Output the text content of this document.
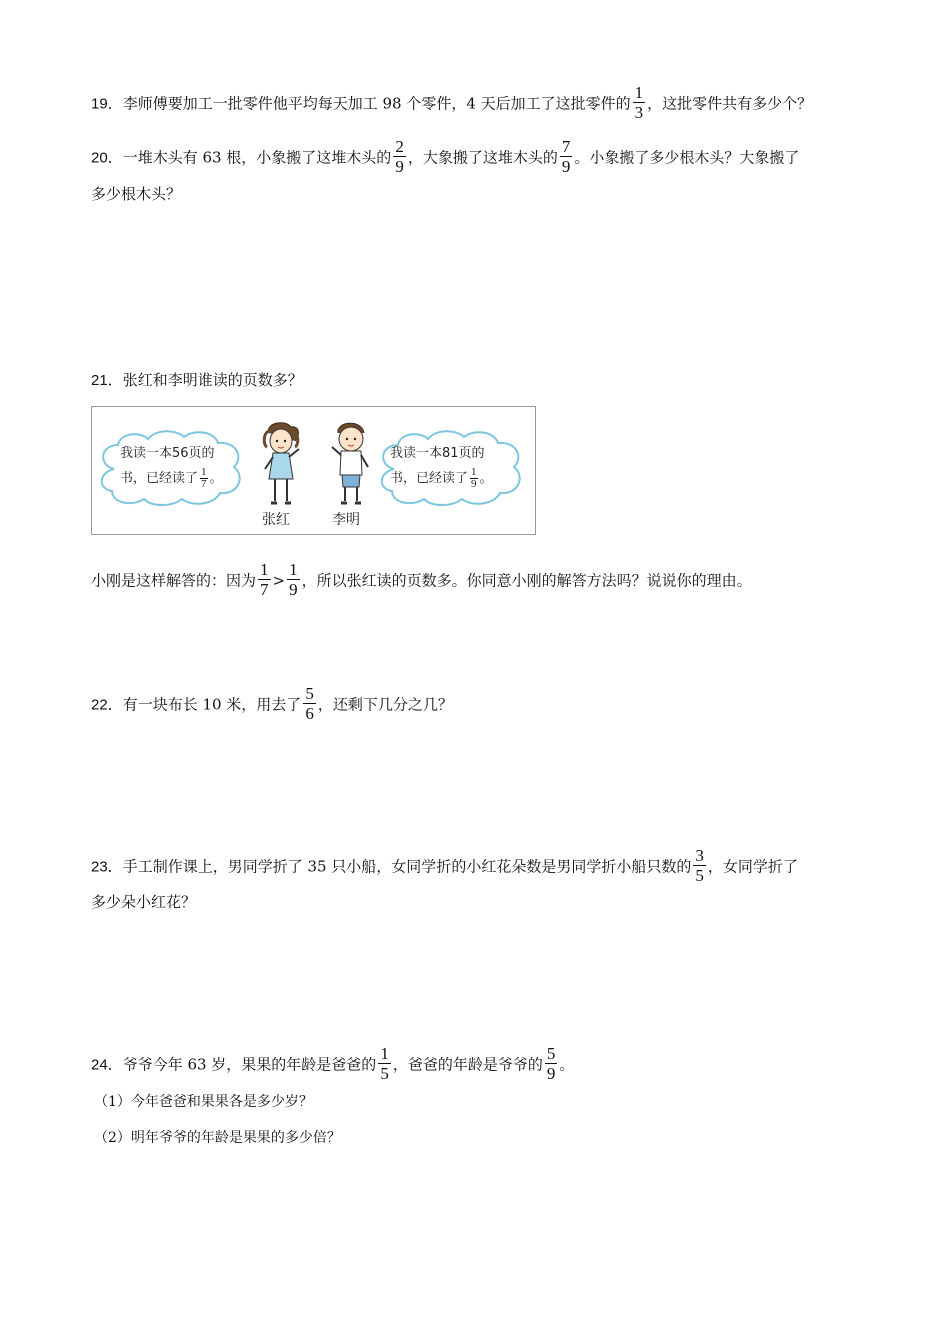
19．李师傅要加工一批零件他平均每天加工 98 个零件，4 天后加工了这批零件的 $\frac{1}{3}$ ，这批零件共有多少个？
20．一堆木头有 63 根，小象搬了这堆木头的 $\frac{2}{9}$ ，大象搬了这堆木头的 $\frac{7}{9}$ 。小象搬了多少根木头？大象搬了
多少根木头？
21．张红和李明谁读的页数多？
我读一本56页的
书，已经读了 $\frac{1}{7}$ 。
张红	李明
我读一本81页的
书，已经读了 $\frac{1}{9}$ 。
小刚是这样解答的：因为 $\frac{1}{7} > \frac{1}{9}$ ，所以张红读的页数多。你同意小刚的解答方法吗？说说你的理由。
22．有一块布长 10 米，用去了 $\frac{5}{6}$ ，还剩下几分之几？
23．手工制作课上，男同学折了 35 只小船，女同学折的小红花朵数是男同学折小船只数的 $\frac{3}{5}$ ，女同学折了
多少朵小红花？
24．爷爷今年 63 岁，果果的年龄是爸爸的 $\frac{1}{5}$ ，爸爸的年龄是爷爷的 $\frac{5}{9}$ 。
（1）今年爸爸和果果各是多少岁？
（2）明年爷爷的年龄是果果的多少倍？
